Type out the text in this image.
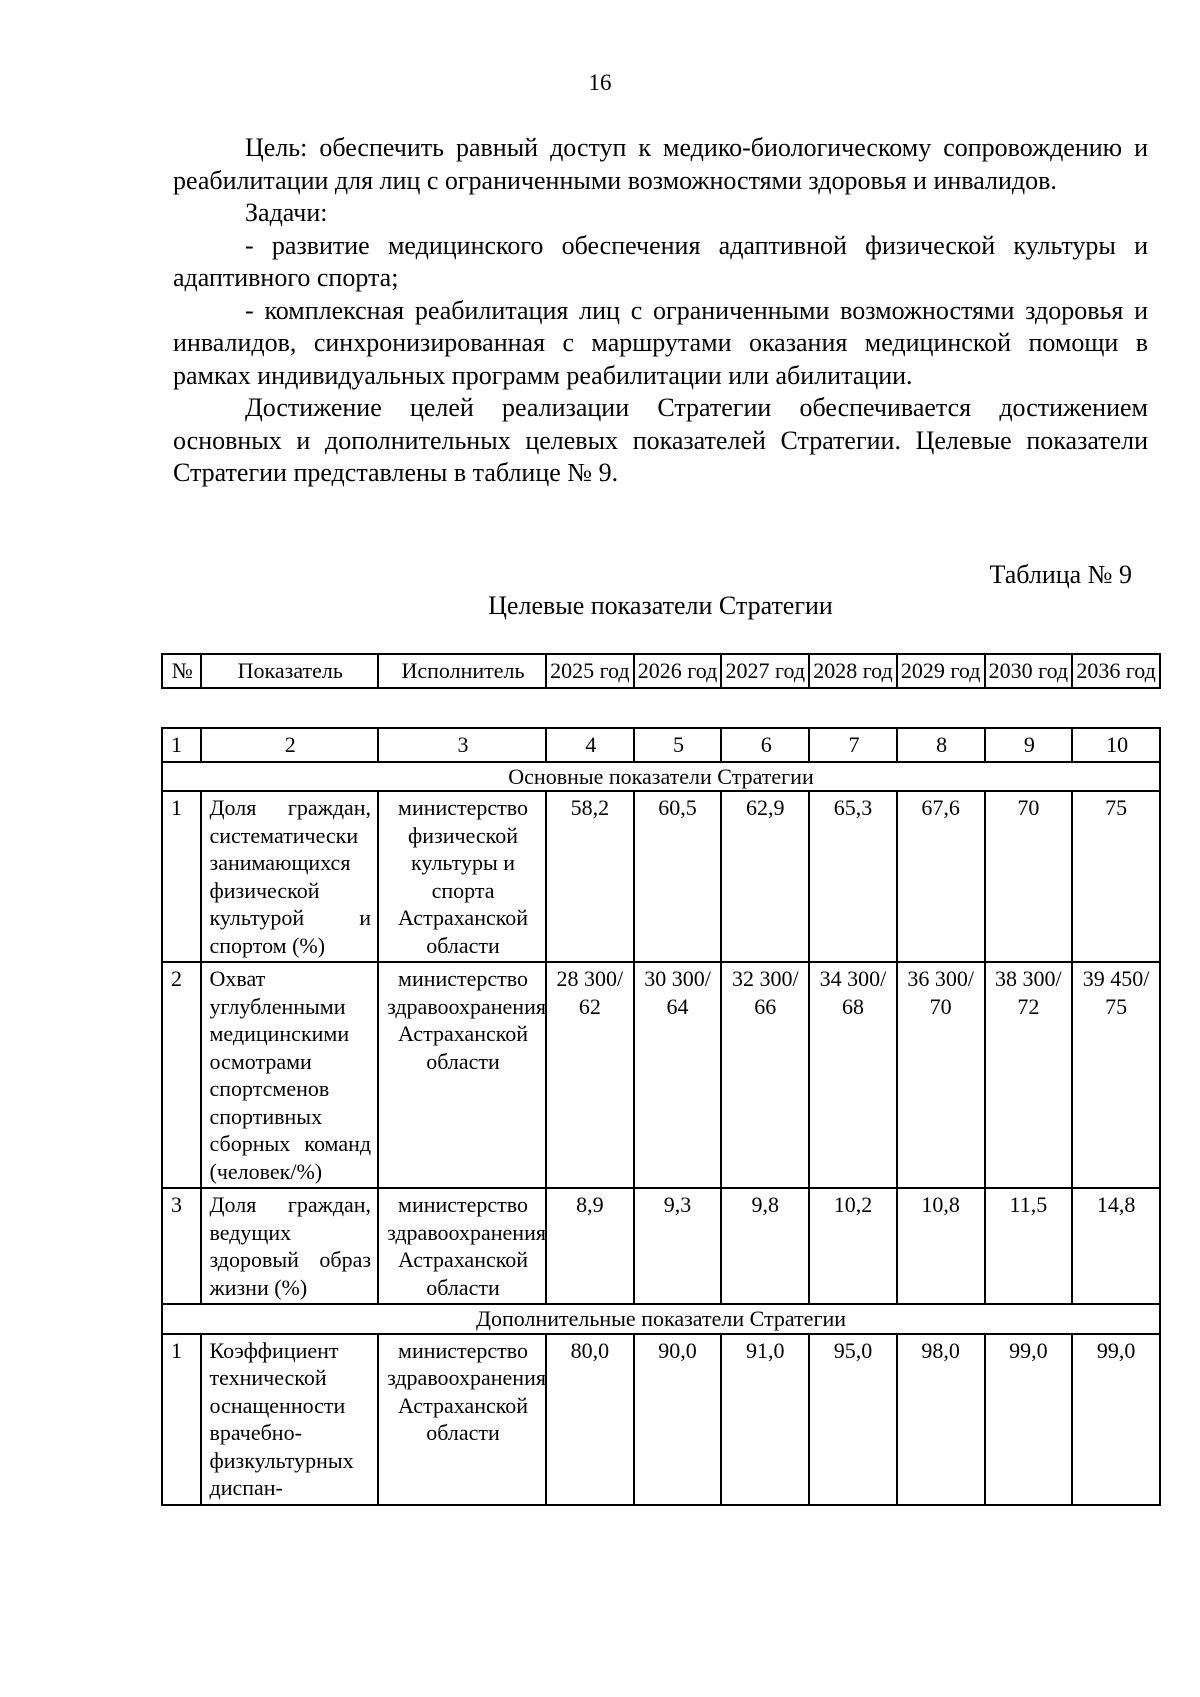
16

Цель: обеспечить равный доступ к медико-биологическому сопровождению и реабилитации для лиц с ограниченными возможностями здоровья и инвалидов.

Задачи:

- развитие медицинского обеспечения адаптивной физической культуры и адаптивного спорта;

- комплексная реабилитация лиц с ограниченными возможностями здоровья и инвалидов, синхронизированная с маршрутами оказания медицинской помощи в рамках индивидуальных программ реабилитации или абилитации.

Достижение целей реализации Стратегии обеспечивается достижением основных и дополнительных целевых показателей Стратегии. Целевые показатели Стратегии представлены в таблице № 9.

Таблица № 9
Целевые показатели Стратегии
№	Показатель	Исполнитель	2025 год	2026 год	2027 год	2028 год	2029 год	2030 год	2036 год
1	2	3	4	5	6	7	8	9	10
Основные показатели Стратегии									
1	Доля граждан, систематически занимающихся физической культурой и спортом (%)	министерство физической культуры и спорта Астраханской области	58,2	60,5	62,9	65,3	67,6	70	75
2	Охват углубленными медицинскими осмотрами спортсменов спортивных сборных команд (человек/%)	министерство здравоохранения Астраханской области	28 300/ 62	30 300/ 64	32 300/ 66	34 300/ 68	36 300/ 70	38 300/ 72	39 450/ 75
3	Доля граждан, ведущих здоровый образ жизни (%)	министерство здравоохранения Астраханской области	8,9	9,3	9,8	10,2	10,8	11,5	14,8
Дополнительные показатели Стратегии									
1	Коэффициент технической оснащенности врачебно-физкультурных диспан-	министерство здравоохранения Астраханской области	80,0	90,0	91,0	95,0	98,0	99,0	99,0
